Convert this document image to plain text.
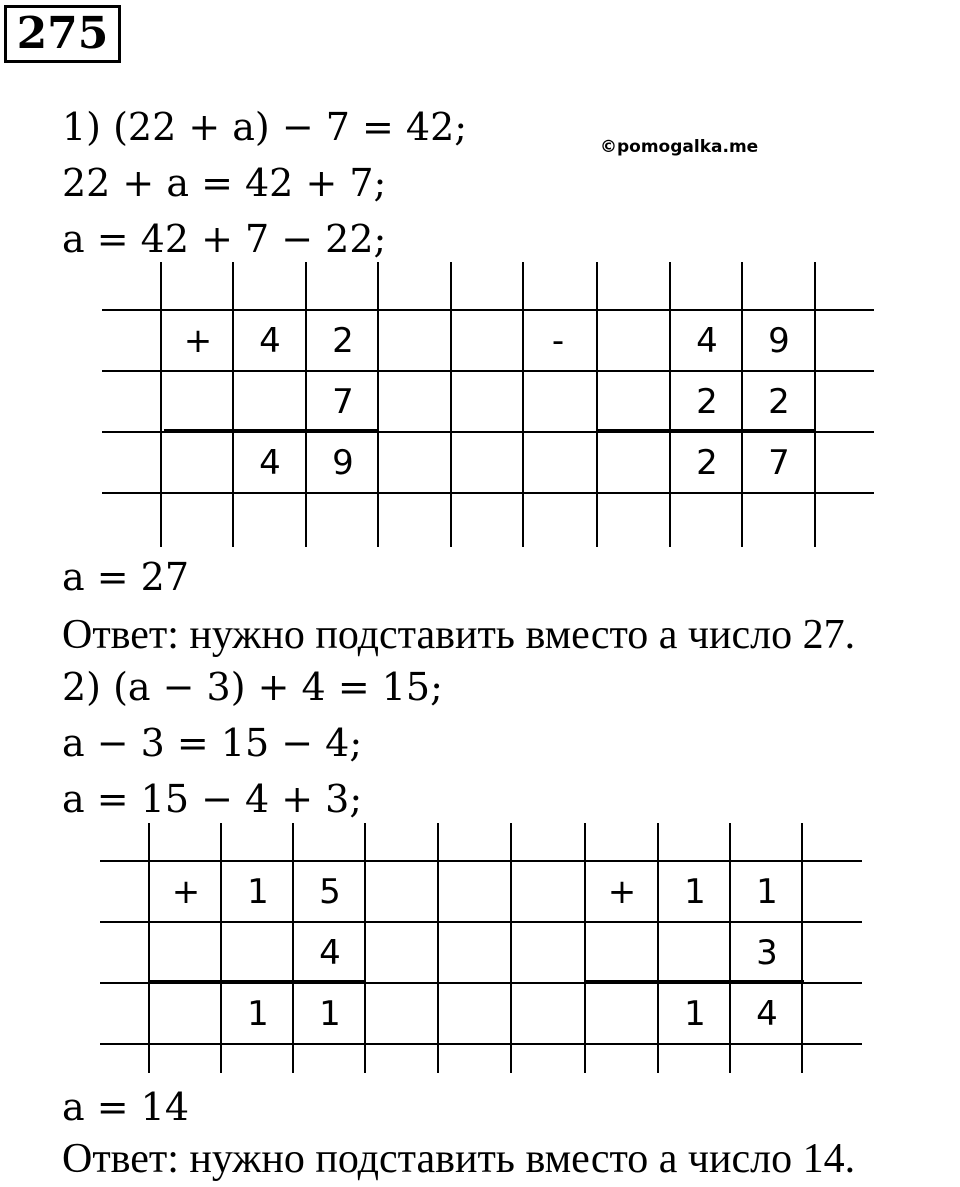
275
©pomogalka.me
1) (22 + a) − 7 = 42;
22 + a = 42 + 7;
a = 42 + 7 − 22;
+	4	2
7
4	9
-	4	9
2	2
2	7
a = 27
Ответ: нужно подставить вместо а число 27.
2) (a − 3) + 4 = 15;
a − 3 = 15 − 4;
a = 15 − 4 + 3;
+	1	5
4
1	1
+	1	1
3
1	4
a = 14
Ответ: нужно подставить вместо а число 14.
